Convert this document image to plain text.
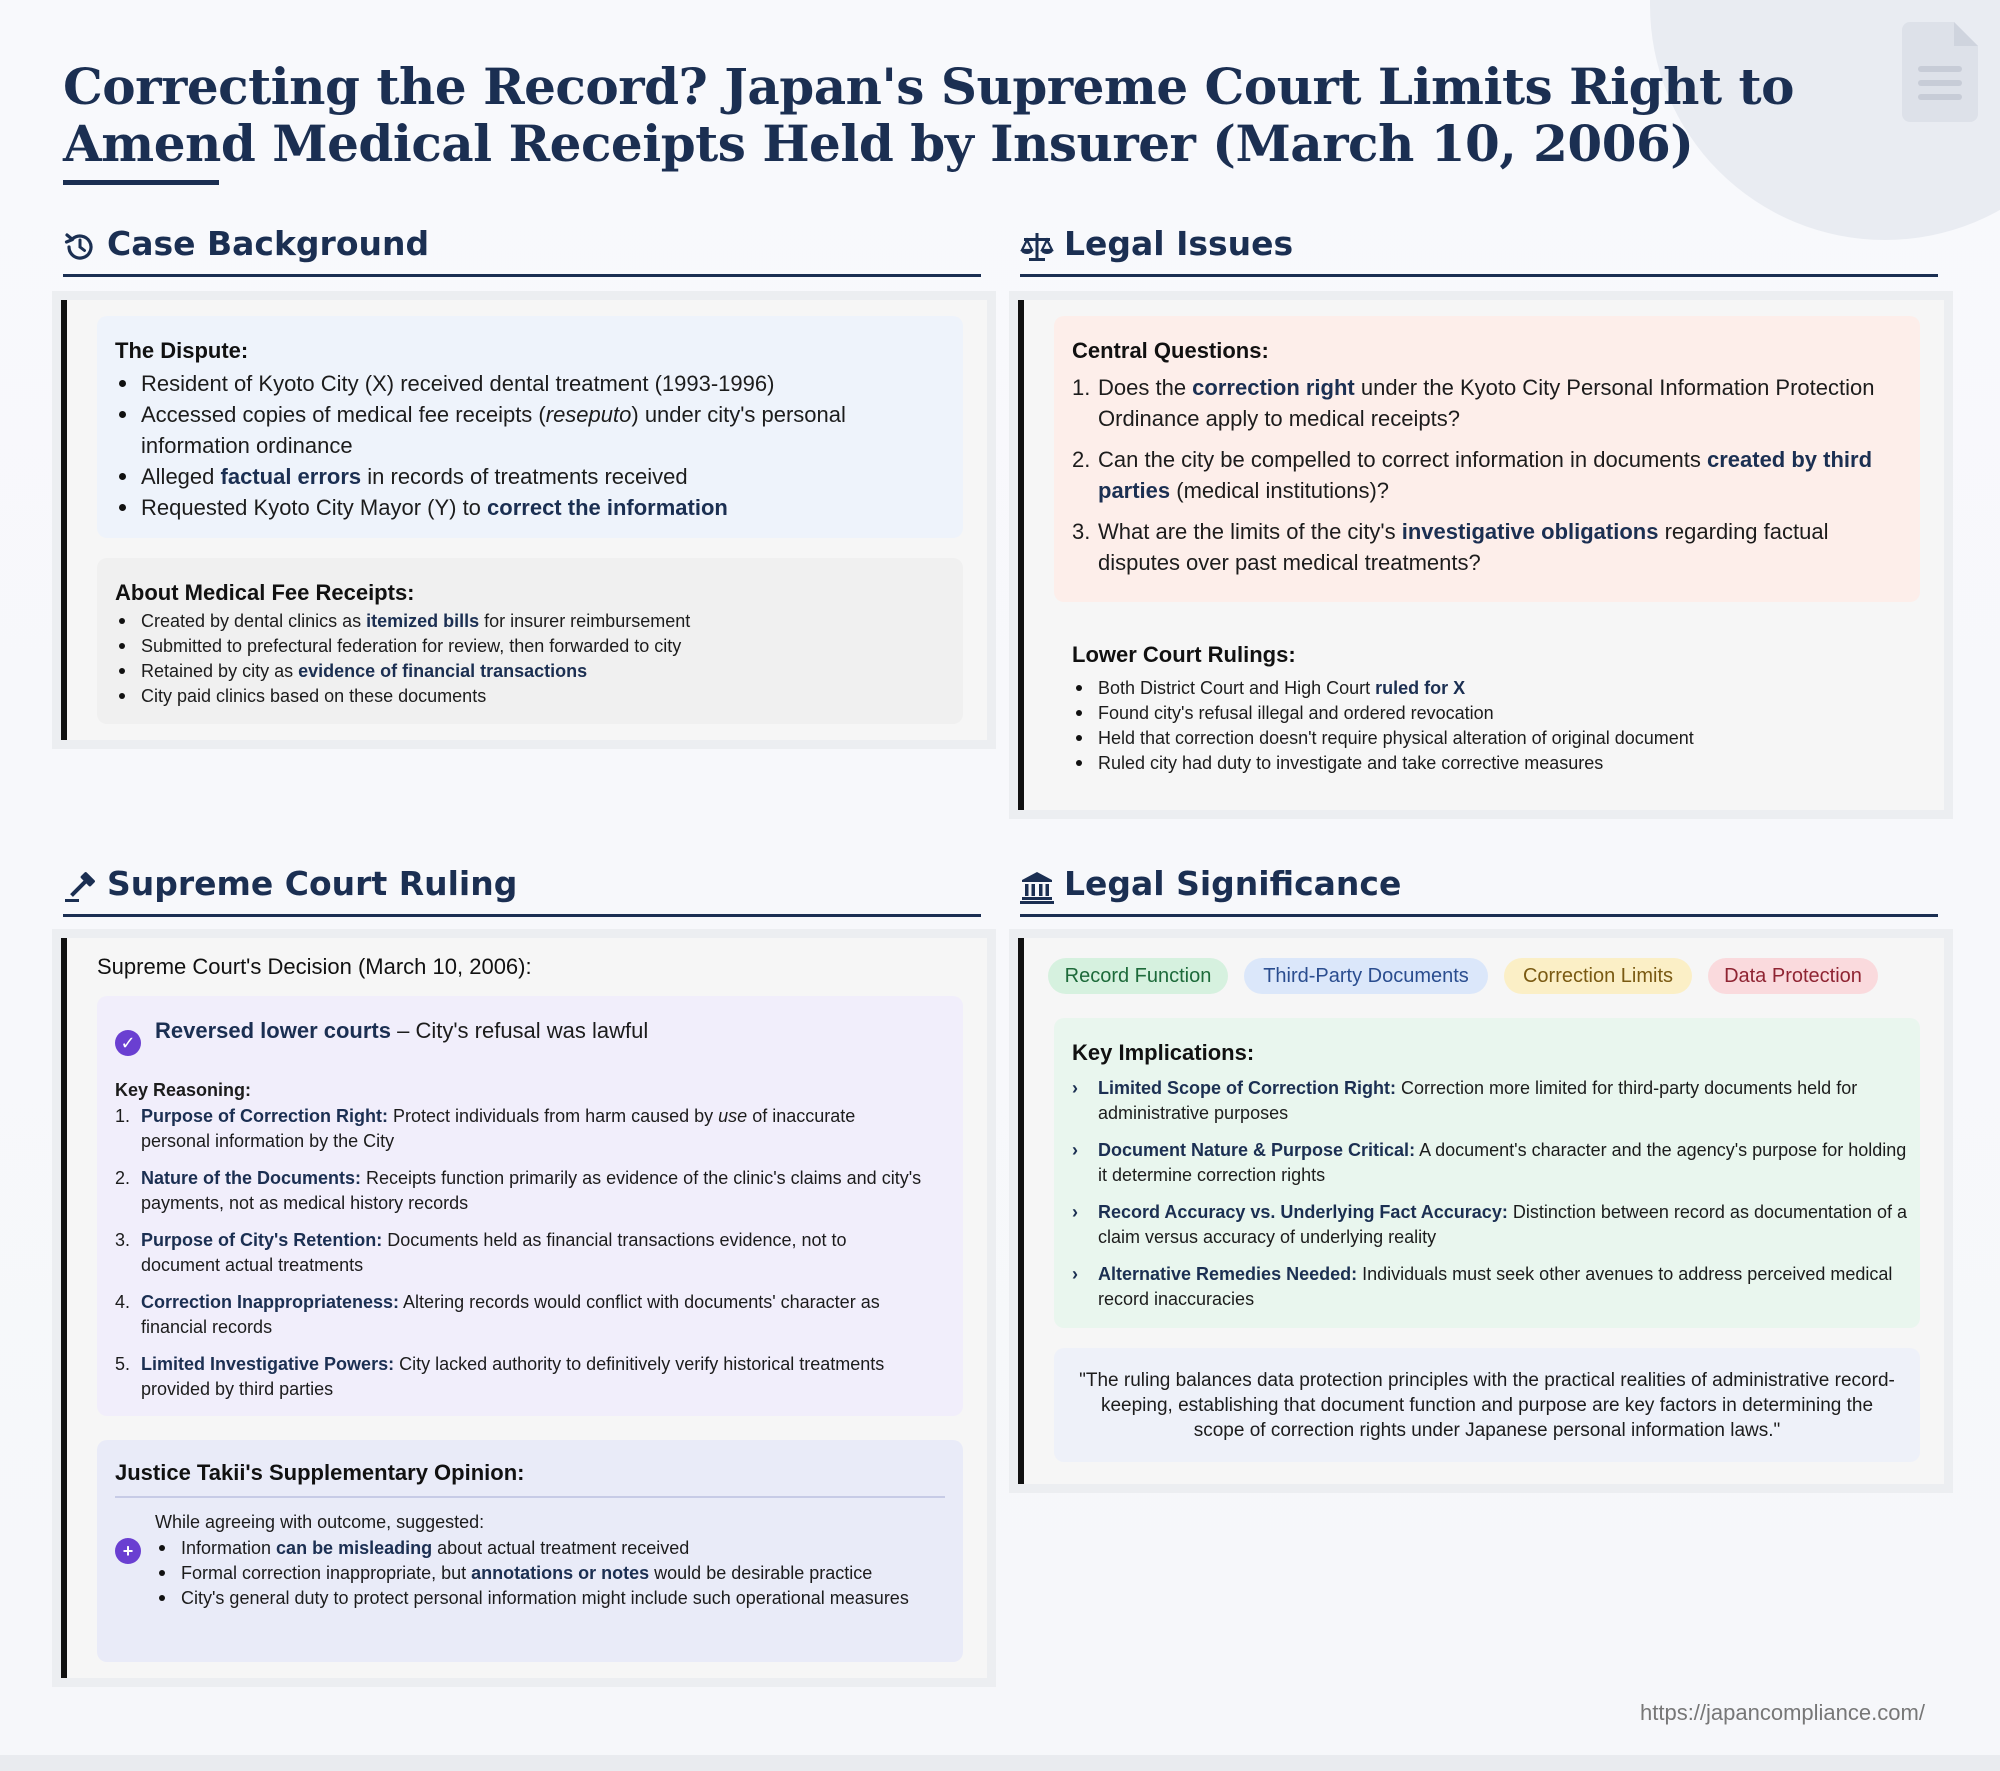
Correcting the Record? Japan's Supreme Court Limits Right to Amend Medical Receipts Held by Insurer (March 10, 2006)
Case Background
The Dispute:
Resident of Kyoto City (X) received dental treatment (1993-1996)
Accessed copies of medical fee receipts (reseputo) under city's personal information ordinance
Alleged factual errors in records of treatments received
Requested Kyoto City Mayor (Y) to correct the information
About Medical Fee Receipts:
Created by dental clinics as itemized bills for insurer reimbursement
Submitted to prefectural federation for review, then forwarded to city
Retained by city as evidence of financial transactions
City paid clinics based on these documents
Legal Issues
Central Questions:
1. Does the correction right under the Kyoto City Personal Information Protection Ordinance apply to medical receipts?
2. Can the city be compelled to correct information in documents created by third parties (medical institutions)?
3. What are the limits of the city's investigative obligations regarding factual disputes over past medical treatments?
Lower Court Rulings:
Both District Court and High Court ruled for X
Found city's refusal illegal and ordered revocation
Held that correction doesn't require physical alteration of original document
Ruled city had duty to investigate and take corrective measures
Supreme Court Ruling
Supreme Court's Decision (March 10, 2006):
✓ Reversed lower courts – City's refusal was lawful
Key Reasoning:
1. Purpose of Correction Right: Protect individuals from harm caused by use of inaccurate personal information by the City
2. Nature of the Documents: Receipts function primarily as evidence of the clinic's claims and city's payments, not as medical history records
3. Purpose of City's Retention: Documents held as financial transactions evidence, not to document actual treatments
4. Correction Inappropriateness: Altering records would conflict with documents' character as financial records
5. Limited Investigative Powers: City lacked authority to definitively verify historical treatments provided by third parties
Justice Takii's Supplementary Opinion:
+
While agreeing with outcome, suggested:
Information can be misleading about actual treatment received
Formal correction inappropriate, but annotations or notes would be desirable practice
City's general duty to protect personal information might include such operational measures
Legal Significance
Key Implications:
› Limited Scope of Correction Right: Correction more limited for third-party documents held for administrative purposes
› Document Nature & Purpose Critical: A document's character and the agency's purpose for holding it determine correction rights
› Record Accuracy vs. Underlying Fact Accuracy: Distinction between record as documentation of a claim versus accuracy of underlying reality
› Alternative Remedies Needed: Individuals must seek other avenues to address perceived medical record inaccuracies
"The ruling balances data protection principles with the practical realities of administrative record-keeping, establishing that document function and purpose are key factors in determining the scope of correction rights under Japanese personal information laws."
Record Function	Third-Party Documents	Correction Limits	Data Protection
https://japancompliance.com/
